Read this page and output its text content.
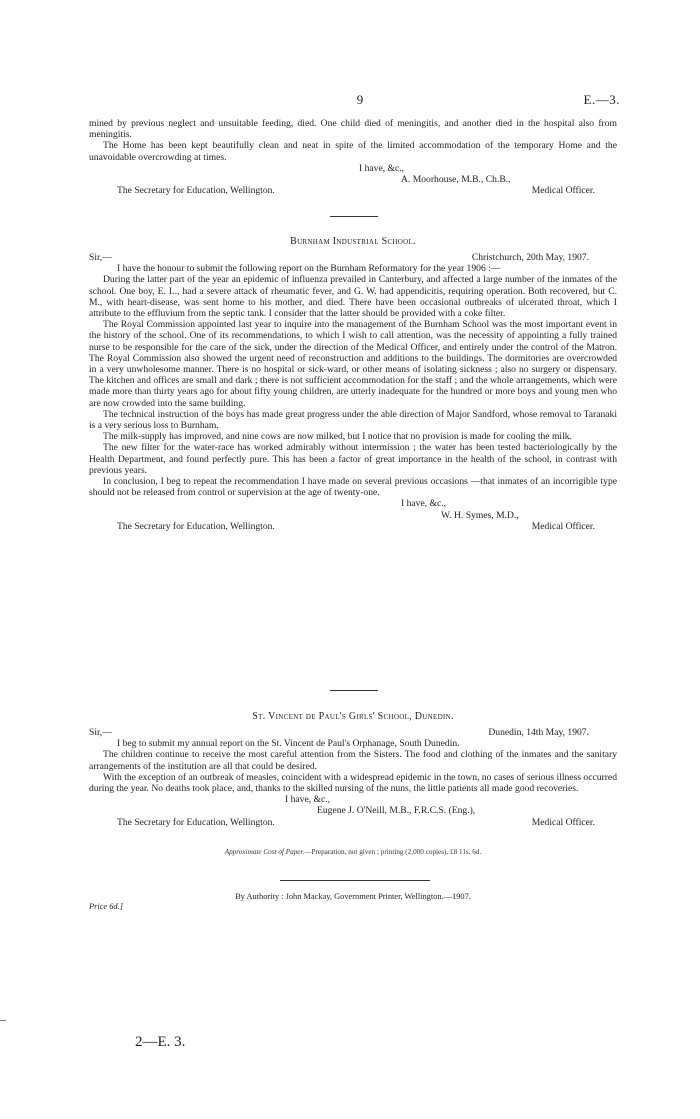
9	E.—3.

mined by previous neglect and unsuitable feeding, died. One child died of meningitis, and another died in the hospital also from meningitis.

The Home has been kept beautifully clean and neat in spite of the limited accommodation of the temporary Home and the unavoidable overcrowding at times.

I have, &c.,
A. Moorhouse, M.B., Ch.B.,
The Secretary for Education, Wellington.	Medical Officer.
Burnham Industrial School.
Sir,—	Christchurch, 20th May, 1907.

I have the honour to submit the following report on the Burnham Reformatory for the year 1906 :—

During the latter part of the year an epidemic of influenza prevailed in Canterbury, and affected a large number of the inmates of the school. One boy, E. L., had a severe attack of rheumatic fever, and G. W. had appendicitis, requiring operation. Both recovered, but C. M., with heart-disease, was sent home to his mother, and died. There have been occasional outbreaks of ulcerated throat, which I attribute to the effluvium from the septic tank. I consider that the latter should be provided with a coke filter.

The Royal Commission appointed last year to inquire into the management of the Burnham School was the most important event in the history of the school. One of its recommendations, to which I wish to call attention, was the necessity of appointing a fully trained nurse to be responsible for the care of the sick, under the direction of the Medical Officer, and entirely under the control of the Matron. The Royal Commission also showed the urgent need of reconstruction and additions to the buildings. The dormitories are overcrowded in a very unwholesome manner. There is no hospital or sick-ward, or other means of isolating sickness ; also no surgery or dispensary. The kitchen and offices are small and dark ; there is not sufficient accommodation for the staff ; and the whole arrangements, which were made more than thirty years ago for about fifty young children, are utterly inadequate for the hundred or more boys and young men who are now crowded into the same building.

The technical instruction of the boys has made great progress under the able direction of Major Sandford, whose removal to Taranaki is a very serious loss to Burnham.

The milk-supply has improved, and nine cows are now milked, but I notice that no provision is made for cooling the milk.

The new filter for the water-race has worked admirably without intermission ; the water has been tested bacteriologically by the Health Department, and found perfectly pure. This has been a factor of great importance in the health of the school, in contrast with previous years.

In conclusion, I beg to repeat the recommendation I have made on several previous occasions —that inmates of an incorrigible type should not be released from control or supervision at the age of twenty-one.

I have, &c.,
W. H. Symes, M.D.,
The Secretary for Education, Wellington.	Medical Officer.
St. Vincent de Paul's Girls' School, Dunedin.
Sir,—	Dunedin, 14th May, 1907.

I beg to submit my annual report on the St. Vincent de Paul's Orphanage, South Dunedin.

The children continue to receive the most careful attention from the Sisters. The food and clothing of the inmates and the sanitary arrangements of the institution are all that could be desired.

With the exception of an outbreak of measles, coincident with a widespread epidemic in the town, no cases of serious illness occurred during the year. No deaths took place, and, thanks to the skilled nursing of the nuns, the little patients all made good recoveries.

I have, &c.,
Eugene J. O'Neill, M.B., F.R.C.S. (Eng.),
The Secretary for Education, Wellington.	Medical Officer.
Approximate Cost of Paper.—Preparation, not given ; printing (2,000 copies), £8 11s. 6d.
By Authority : John Mackay, Government Printer, Wellington.—1907.
Price 6d.]
2—E. 3.
